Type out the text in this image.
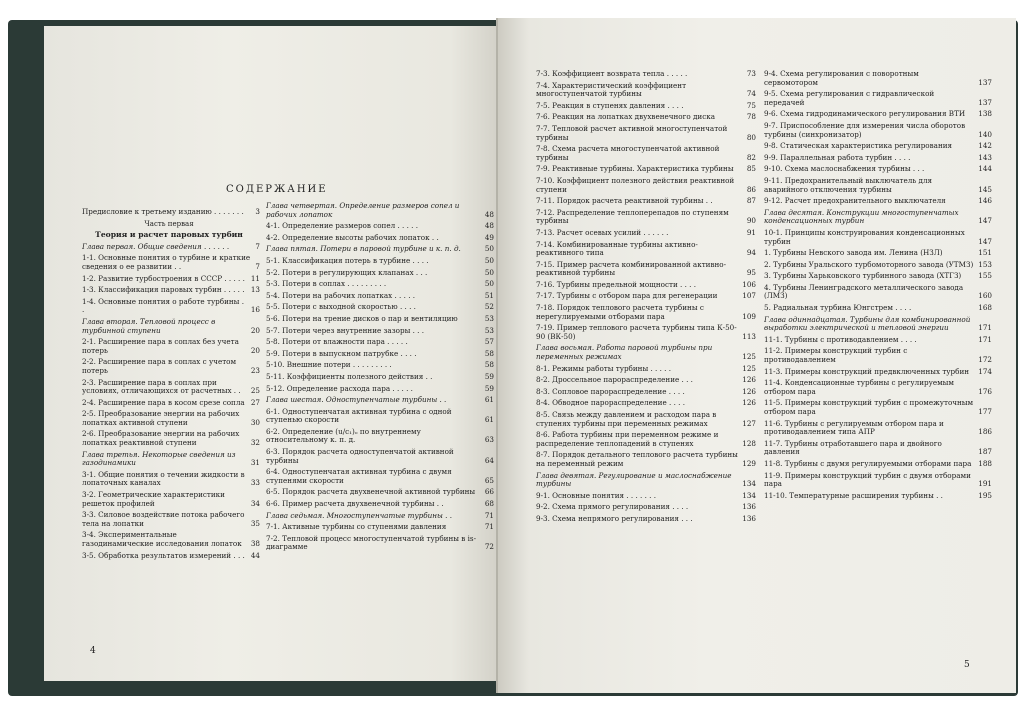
СОДЕРЖАНИЕ
Предисловие к третьему изданию . . . . . . .	3
Часть первая
Теория и расчет паровых турбин
Глава первая. Общие сведения . . . . . .	7
1-1. Основные понятия о турбине и краткие сведения о ее развитии . .	7
1-2. Развитие турбостроения в СССР . . . . . 11
1-3. Классификация паровых турбин . . . . . 13
1-4. Основные понятия о работе турбины . .	16
Глава вторая. Тепловой процесс в турбинной ступени	20
2-1. Расширение пара в соплах без учета потерь	20
2-2. Расширение пара в соплах с учетом потерь	23
2-3. Расширение пара в соплах при условиях, отличающихся от расчетных . .	25
2-4. Расширение пара в косом срезе сопла 27
2-5. Преобразование энергии на рабочих лопатках активной ступени	30
2-6. Преобразование энергии на рабочих лопатках реактивной ступени	32
Глава третья. Некоторые сведения из газодинамики	31
3-1. Общие понятия о течении жидкости в лопаточных каналах	33
3-2. Геометрические характеристики решеток профилей	34
3-3. Силовое воздействие потока рабочего тела на лопатки	35
3-4. Экспериментальные газодинамические исследования лопаток	38
3-5. Обработка результатов измерений . . . 44
Глава четвертая. Определение размеров сопел и рабочих лопаток	48
4-1. Определение размеров сопел . . . . .	48
4-2. Определение высоты рабочих лопаток . .	49
Глава пятая. Потери в паровой турбине и к. п. д.	50
5-1. Классификация потерь в турбине . . . .	50
5-2. Потери в регулирующих клапанах . . .	50
5-3. Потери в соплах . . . . . . . . .	50
5-4. Потери на рабочих лопатках . . . . .	51
5-5. Потери с выходной скоростью . . . .	52
5-6. Потери на трение дисков о пар и вентиляцию	53
5-7. Потери через внутренние зазоры . . .	53
5-8. Потери от влажности пара . . . . .	57
5-9. Потери в выпускном патрубке . . . .	58
5-10. Внешние потери . . . . . . . . .	58
5-11. Коэффициенты полезного действия . .	59
5-12. Определение расхода пара . . . . .	59
Глава шестая. Одноступенчатые турбины . .	61
6-1. Одноступенчатая активная турбина с одной ступенью скорости	61
6-2. Определение (u/c₁)ₒ по внутреннему относительному к. п. д.	63
6-3. Порядок расчета одноступенчатой активной турбины	64
6-4. Одноступенчатая активная турбина с двумя ступенями скорости	65
6-5. Порядок расчета двухвенечной активной турбины	66
6-6. Пример расчета двухвенечной турбины . .	68
Глава седьмая. Многоступенчатые турбины . .	71
7-1. Активные турбины со ступенями давления	71
7-2. Тепловой процесс многоступенчатой турбины в is-диаграмме	72
4
7-3. Коэффициент возврата тепла . . . . .	73
7-4. Характеристический коэффициент многоступенчатой турбины	74
7-5. Реакция в ступенях давления . . . .	75
7-6. Реакция на лопатках двухвенечного диска	78
7-7. Тепловой расчет активной многоступенчатой турбины	80
7-8. Схема расчета многоступенчатой активной турбины	82
7-9. Реактивные турбины. Характеристика турбины	85
7-10. Коэффициент полезного действия реактивной ступени	86
7-11. Порядок расчета реактивной турбины . .	87
7-12. Распределение теплоперепадов по ступеням турбины	90
7-13. Расчет осевых усилий . . . . . .	91
7-14. Комбинированные турбины активно-реактивного типа	94
7-15. Пример расчета комбинированной активно-реактивной турбины	95
7-16. Турбины предельной мощности . . . .	106
7-17. Турбины с отбором пара для регенерации	107
7-18. Порядок теплового расчета турбины с нерегулируемыми отборами пара	109
7-19. Пример теплового расчета турбины типа К-50-90 (ВК-50)	113
Глава восьмая. Работа паровой турбины при переменных режимах	125
8-1. Режимы работы турбины . . . . .	125
8-2. Дроссельное парораспределение . . .	126
8-3. Сопловое парораспределение . . . .	126
8-4. Обводное парораспределение . . . .	126
8-5. Связь между давлением и расходом пара в ступенях турбины при переменных режимах	127
8-6. Работа турбины при переменном режиме и распределение теплопадений в ступенях	128
8-7. Порядок детального теплового расчета турбины на переменный режим	129
Глава девятая. Регулирование и маслоснабжение турбины	134
9-1. Основные понятия . . . . . . .	134
9-2. Схема прямого регулирования . . . .	136
9-3. Схема непрямого регулирования . . .	136
9-4. Схема регулирования с поворотным сервомотором	137
9-5. Схема регулирования с гидравлической передачей	137
9-6. Схема гидродинамического регулирования ВТИ	138
9-7. Приспособление для измерения числа оборотов турбины (синхронизатор)	140
9-8. Статическая характеристика регулирования	142
9-9. Параллельная работа турбин . . . .	143
9-10. Схема маслоснабжения турбины . . .	144
9-11. Предохранительный выключатель для аварийного отключения турбины	145
9-12. Расчет предохранительного выключателя	146
Глава десятая. Конструкции многоступенчатых конденсационных турбин	147
10-1. Принципы конструирования конденсационных турбин	147
1. Турбины Невского завода им. Ленина (НЗЛ)	151
2. Турбины Уральского турбомоторного завода (УТМЗ) 153
3. Турбины Харьковского турбинного завода (ХТГЗ)	155
4. Турбины Ленинградского металлического завода (ЛМЗ)	160
5. Радиальная турбина Юнгстрем . . . .	168
Глава одиннадцатая. Турбины для комбинированной выработки электрической и тепловой энергии	171
11-1. Турбины с противодавлением . . . .	171
11-2. Примеры конструкций турбин с противодавлением	172
11-3. Примеры конструкций предвключенных турбин	174
11-4. Конденсационные турбины с регулируемым отбором пара	176
11-5. Примеры конструкций турбин с промежуточным отбором пара	177
11-6. Турбины с регулируемым отбором пара и противодавлением типа АПР	186
11-7. Турбины отработавшего пара и двойного давления	187
11-8. Турбины с двумя регулируемыми отборами пара 188
11-9. Примеры конструкций турбин с двумя отборами пара	191
11-10. Температурные расширения турбины . .	195
5
